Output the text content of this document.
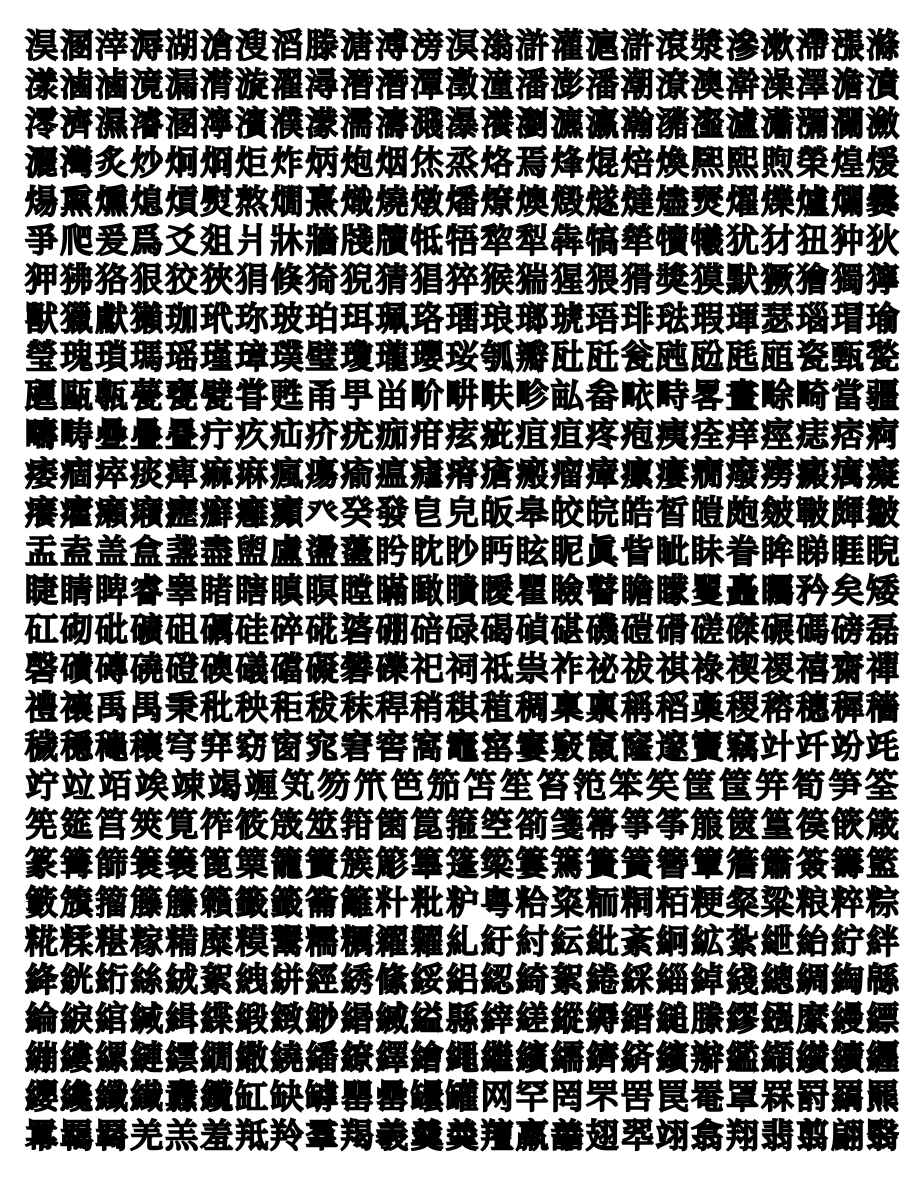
淏 溷 滓 溽 湖 滄 溲 滔 滕 溏 溥 滂 溟 滃 滸 灌 滬 滸 滾 漿 滲 漱 滯 漲 滌
漾 滷 滷 滰 漏 潸 漩 濯 潯 潛 潛 潭 澂 潼 潘 澎 潘 潮 潦 澳 澣 澡 澤 澹 濆
澪 濟 濕 濬 溷 濘 濱 濮 濛 濡 濤 濺 瀑 瀁 瀏 瀌 瀛 瀚 瀦 瀣 瀘 瀟 瀰 瀾 瀲
灑 灣 炙 炒 炯 烱 炬 炸 炳 炮 烟 烋 烝 烙 焉 烽 焜 焙 煥 熈 熙 煦 榮 煌 煖
煬 熏 燻 熄 熕 熨 熬 燗 熹 熾 燒 燉 燔 燎 燠 燬 燧 燵 燼 燹 燿 爍 爐 爛 爨
爭 爬 爰 爲 爻 爼 爿 牀 牆 牋 牘 牴 牾 犂 犁 犇 犒 犖 犢 犧 犹 犲 狃 狆 狄
狎 狒 狢 狠 狡 狹 狷 倏 猗 猊 猜 猖 猝 猴 猯 猩 猥 猾 獎 獏 默 獗 獪 獨 獰
獸 獵 獻 獺 珈 玳 珎 玻 珀 珥 珮 珞 璢 琅 瑯 琥 珸 琲 琺 瑕 琿 瑟 瑙 瑁 瑜
瑩 瑰 瑣 瑪 瑶 瑾 璋 璞 璧 瓊 瓏 瓔 珱 瓠 瓣 瓧 瓩 瓮 瓲 瓰 瓱 瓸 瓷 甄 甃
甅 甌 甎 甍 甕 甓 甞 甦 甬 甼 畄 畍 畊 畉 畛 畆 畚 畩 畤 畧 畫 畭 畸 當 疆
疇 畴 疉 疊 疂 疔 疚 疝 疥 疣 痂 疳 痃 疵 疽 疸 疼 疱 痍 痊 痒 痙 痣 痞 痾
痿 痼 瘁 痰 痺 痲 痳 瘋 瘍 瘉 瘟 瘧 瘠 瘡 瘢 瘤 瘴 瘰 瘻 癇 癈 癆 癜 癘 癡
癢 癨 癩 癪 癧 癬 癰 癲 癶 癸 發 皀 皃 皈 皋 皎 皖 皓 皙 皚 皰 皴 皸 皹 皺
盂 盍 盖 盒 盞 盡 盥 盧 盪 蘯 盻 眈 眇 眄 眩 眤 眞 眥 眦 眛 眷 眸 睇 睚 睨
睫 睛 睥 睿 睾 睹 瞎 瞋 瞑 瞠 瞞 瞰 瞶 瞹 瞿 瞼 瞽 瞻 矇 矍 矗 矚 矜 矣 矮
矼 砌 砒 礦 砠 礪 硅 碎 硴 碆 硼 碚 碌 碣 碵 碪 磯 磑 磆 磋 磔 碾 碼 磅 磊
磬 磧 磚 磽 磴 礇 礒 礑 礙 礬 礫 祀 祠 祗 祟 祚 祕 祓 祺 祿 禊 禝 禧 齋 禪
禮 禳 禹 禺 秉 秕 秧 秬 秡 秣 稈 稍 稘 稙 稠 稟 禀 稱 稻 稾 稷 穃 穗 穉 穡
穢 穩 龝 穰 穹 穽 窈 窗 窕 窘 窖 窩 竈 窰 窶 竅 竄 窿 邃 竇 竊 竍 竏 竕 竓
竚 竝 竡 竢 竦 竭 竰 笂 笏 笊 笆 笳 笘 笙 笞 笵 笨 笶 筐 筺 笄 筍 笋 筌
筅 筵 筥 筴 筧 筰 筱 筬 筮 箝 箘 箟 箍 箜 箚 箋 箒 箏 筝 箙 篋 篁 篌 篏 箴
篆 篝 篩 簑 簔 篦 篥 籠 簀 簇 簓 篳 篷 簗 簍 篶 簣 簧 簪 簟 簷 簫 簽 籌 籃
籔 籏 籀 籐 籘 籟 籤 籖 籥 籬 籵 粃 粐 粤 粭 粢 粫 粡 粨 粳 粲 粱 粮 粹 粽
糀 糅 糂 糘 糒 糜 糢 鬻 糯 糲 糴 糶 糺 紆 紂 紜 紕 紊 絅 絋 紮 紲 紿 紵 絆
絳 絖 絎 絲 絨 絮 絏 絣 經 綉 絛 綏 絽 綛 綺 絮 綣 綵 緇 綽 綫 總 綢 綯 緜
綸 綟 綰 緘 緝 緤 緞 緻 緲 緡 縅 縊 縣 縡 縒 縱 縟 縉 縋 縢 繆 繦 縻 縵 縹
繃 縷 縲 縺 繧 繝 繖 繞 繙 繚 繹 繪 繩 繼 繽 繻 纃 緕 繽 辮 繿 纈 纉 續 纒
纓 纔 纖 纎 纛 纜 缸 缺 罅 罌 罍 罎 罐 网 罕 罔 罘 罟 罠 罨 罩 罧 罸 羂 羆
羃 羈 羇 羌 羔 羞 羝 羚 羣 羯 羲 羹 羮 羶 羸 譱 翅 翆 翊 翕 翔 翡 翦 翩 翳
